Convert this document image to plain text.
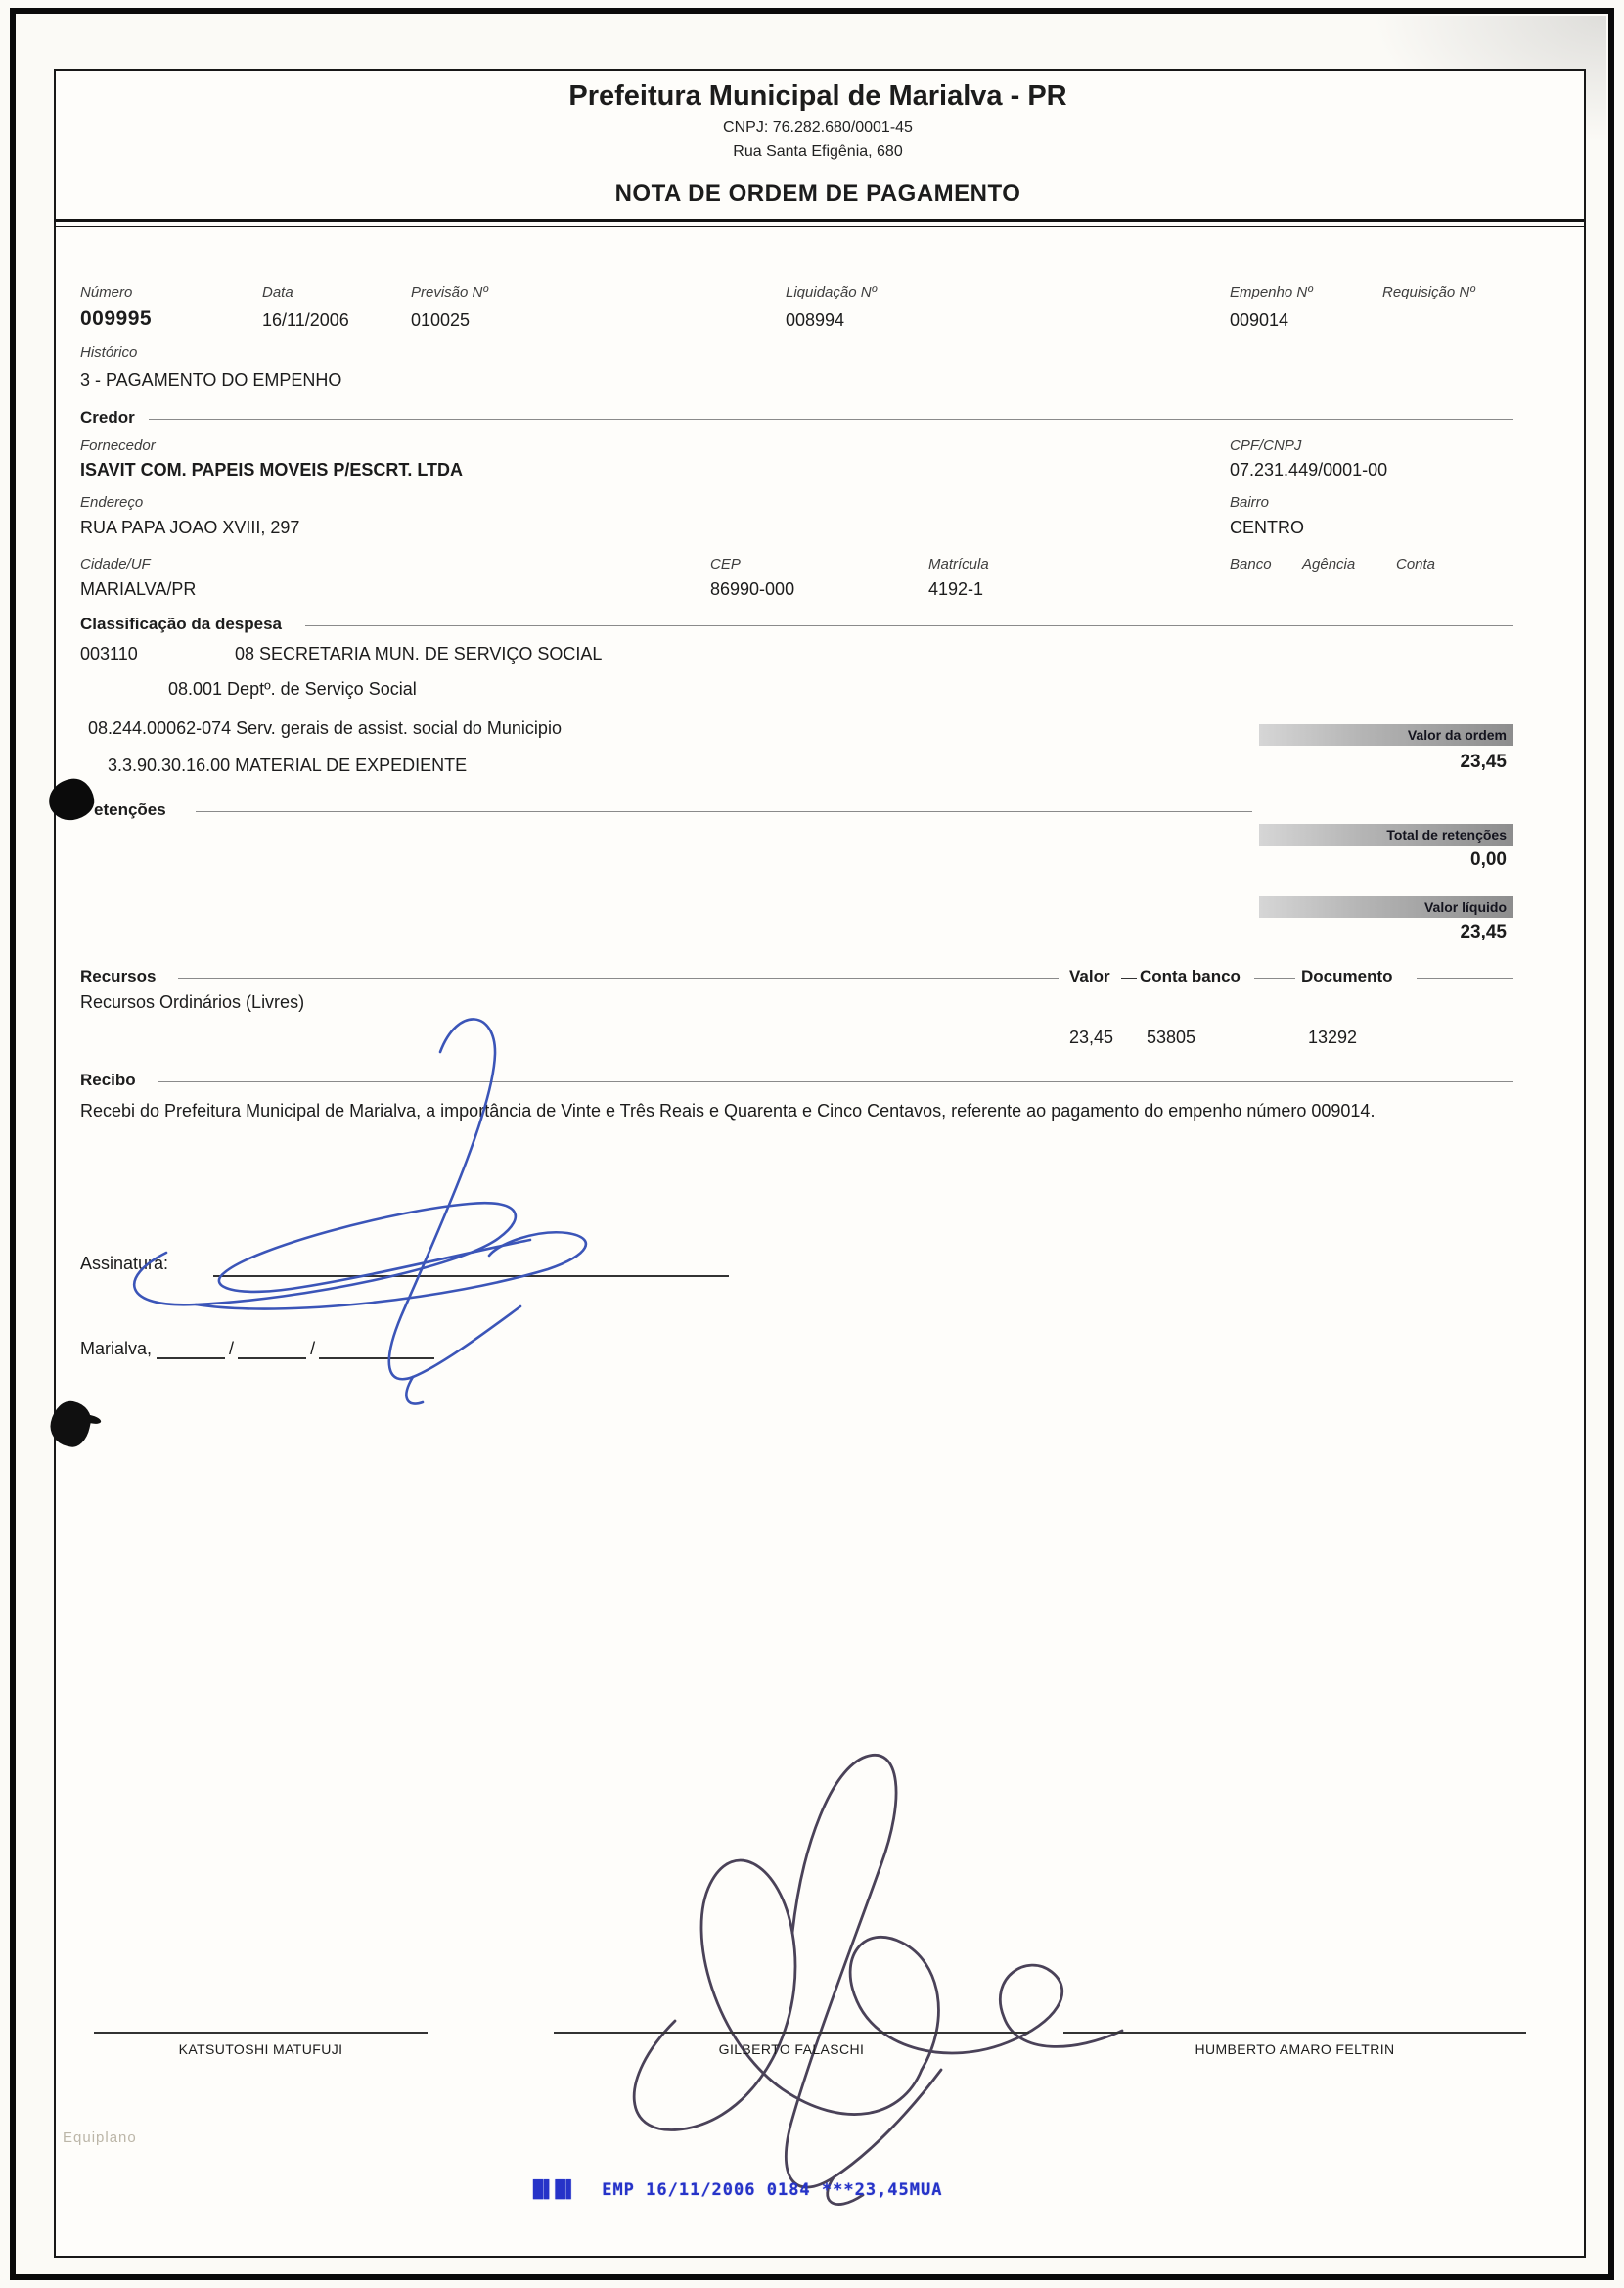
Prefeitura Municipal de Marialva - PR
CNPJ: 76.282.680/0001-45
Rua Santa Efigênia, 680
NOTA DE ORDEM DE PAGAMENTO
Número	Data	Previsão Nº	Liquidação Nº	Empenho Nº	Requisição Nº
009995	16/11/2006	010025	008994	009014
Histórico
3 - PAGAMENTO DO EMPENHO
Credor
Fornecedor	CPF/CNPJ
ISAVIT COM. PAPEIS MOVEIS P/ESCRT. LTDA	07.231.449/0001-00
Endereço	Bairro
RUA PAPA JOAO XVIII, 297	CENTRO
Cidade/UF	CEP	Matrícula	Banco Agência	Conta
MARIALVA/PR	86990-000	4192-1
Classificação da despesa
003110	08 SECRETARIA MUN. DE SERVIÇO SOCIAL
08.001 Deptº. de Serviço Social
08.244.00062-074 Serv. gerais de assist. social do Municipio	Valor da ordem
3.3.90.30.16.00 MATERIAL DE EXPEDIENTE	23,45
etenções
Total de retenções
0,00
Valor líquido
23,45
Recursos	Valor Conta banco	Documento
Recursos Ordinários (Livres)
23,45 53805	13292
Recibo
Recebi do Prefeitura Municipal de Marialva, a importância de Vinte e Três Reais e Quarenta e Cinco Centavos, referente ao pagamento do empenho número 009014.
Assinatura:
Marialva,	/	/
KATSUTOSHI MATUFUJI	GILBERTO FALASCHI	HUMBERTO AMARO FELTRIN
Equiplano
█▌█▌ EMP 16/11/2006 0184 ***23,45MUA
